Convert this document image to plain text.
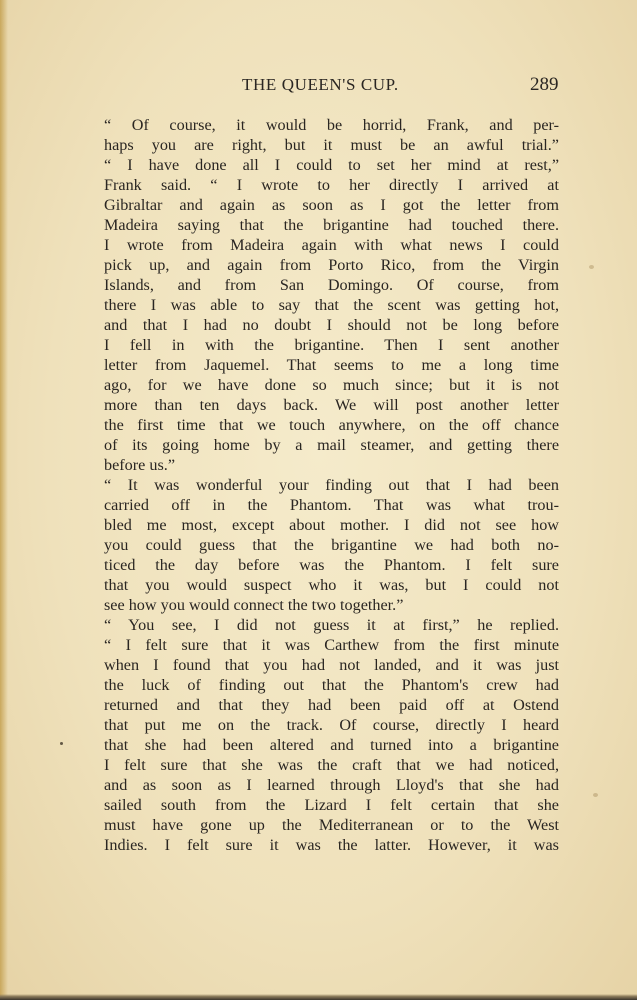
THE QUEEN'S CUP.	289
“ Of course, it would be horrid, Frank, and per-
haps you are right, but it must be an awful trial.”
“ I have done all I could to set her mind at rest,”
Frank said. “ I wrote to her directly I arrived at
Gibraltar and again as soon as I got the letter from
Madeira saying that the brigantine had touched there.
I wrote from Madeira again with what news I could
pick up, and again from Porto Rico, from the Virgin
Islands, and from San Domingo. Of course, from
there I was able to say that the scent was getting hot,
and that I had no doubt I should not be long before
I fell in with the brigantine. Then I sent another
letter from Jaquemel. That seems to me a long time
ago, for we have done so much since; but it is not
more than ten days back. We will post another letter
the first time that we touch anywhere, on the off chance
of its going home by a mail steamer, and getting there
before us.”
“ It was wonderful your finding out that I had been
carried off in the Phantom. That was what trou-
bled me most, except about mother. I did not see how
you could guess that the brigantine we had both no-
ticed the day before was the Phantom. I felt sure
that you would suspect who it was, but I could not
see how you would connect the two together.”
“ You see, I did not guess it at first,” he replied.
“ I felt sure that it was Carthew from the first minute
when I found that you had not landed, and it was just
the luck of finding out that the Phantom's crew had
returned and that they had been paid off at Ostend
that put me on the track. Of course, directly I heard
that she had been altered and turned into a brigantine
I felt sure that she was the craft that we had noticed,
and as soon as I learned through Lloyd's that she had
sailed south from the Lizard I felt certain that she
must have gone up the Mediterranean or to the West
Indies. I felt sure it was the latter. However, it was
